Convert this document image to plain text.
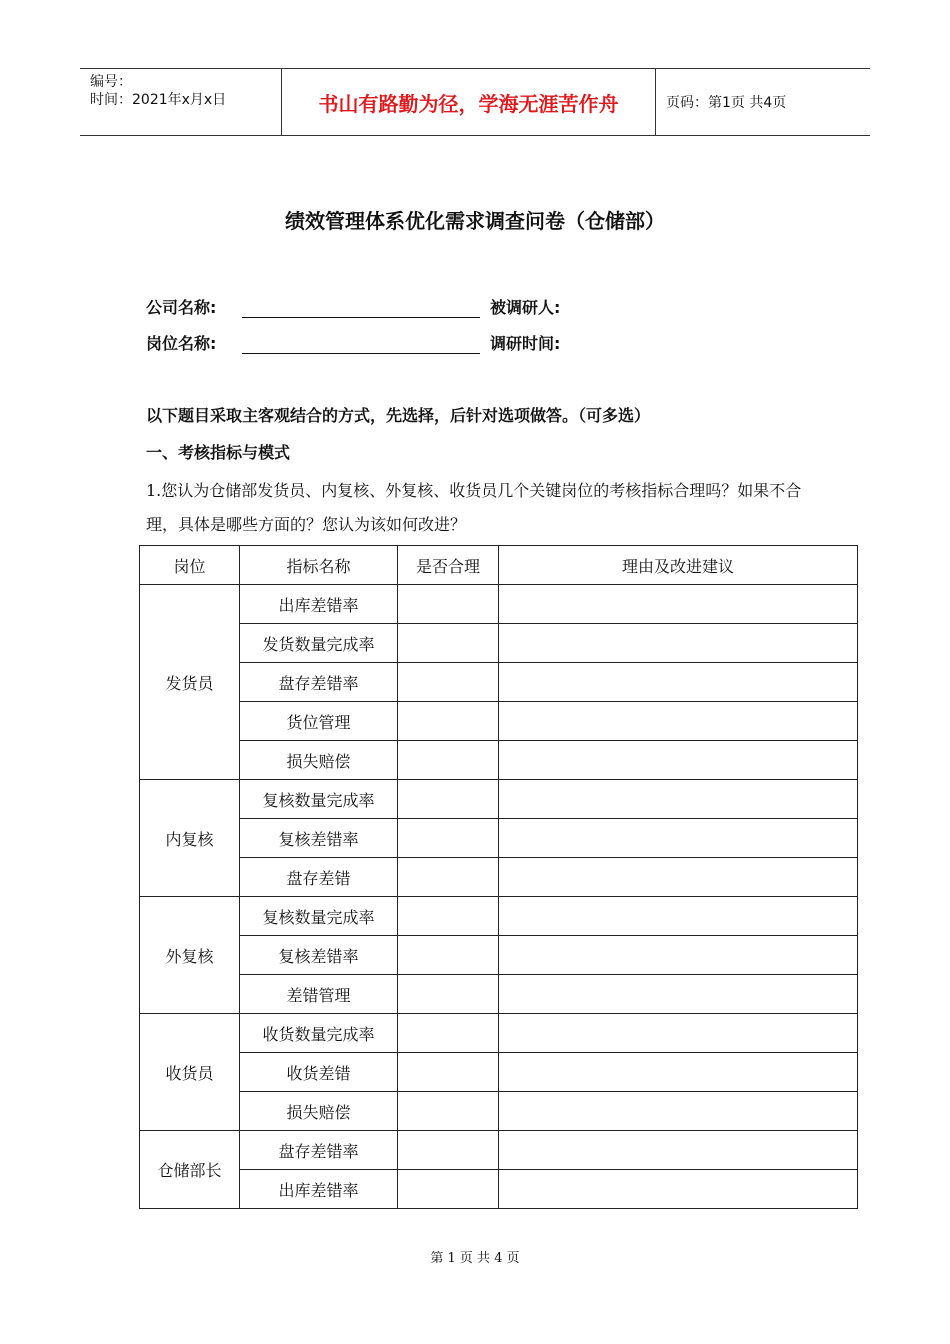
编号：
时间：2021年x月x日	书山有路勤为径，学海无涯苦作舟	页码：第1页 共4页
绩效管理体系优化需求调查问卷（仓储部）
公司名称:	被调研人:
岗位名称:	调研时间:
以下题目采取主客观结合的方式，先选择，后针对选项做答。（可多选）
一、考核指标与模式
1.您认为仓储部发货员、内复核、外复核、收货员几个关键岗位的考核指标合理吗？如果不合理，具体是哪些方面的？您认为该如何改进？
岗位	指标名称	是否合理	理由及改进建议
发货员	出库差错率		
	发货数量完成率		
	盘存差错率		
	货位管理		
	损失赔偿		
内复核	复核数量完成率		
	复核差错率		
	盘存差错		
外复核	复核数量完成率		
	复核差错率		
	差错管理		
收货员	收货数量完成率		
	收货差错		
	损失赔偿		
仓储部长	盘存差错率		
	出库差错率		
第 1 页 共 4 页
